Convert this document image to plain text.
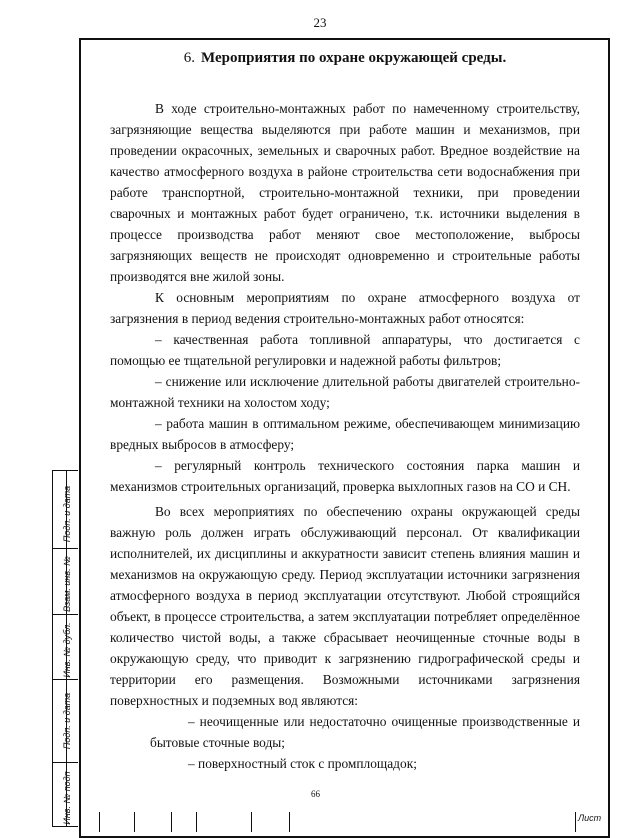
23
Подп. и дата
Взам. инв. №
Инв. № дубл.
Подп. и дата
Инв. № подп
6. Мероприятия по охране окружающей среды.

В ходе строительно-монтажных работ по намеченному строительству, загрязняющие вещества выделяются при работе машин и механизмов, при проведении окрасочных, земельных и сварочных работ. Вредное воздействие на качество атмосферного воздуха в районе строительства сети водоснабжения при работе транспортной, строительно-монтажной техники, при проведении сварочных и монтажных работ будет ограничено, т.к. источники выделения в процессе производства работ меняют свое местоположение, выбросы загрязняющих веществ не происходят одновременно и строительные работы производятся вне жилой зоны.

К основным мероприятиям по охране атмосферного воздуха от загрязнения в период ведения строительно-монтажных работ относятся:

– качественная работа топливной аппаратуры, что достигается с помощью ее тщательной регулировки и надежной работы фильтров;

– снижение или исключение длительной работы двигателей строительно-монтажной техники на холостом ходу;

– работа машин в оптимальном режиме, обеспечивающем минимизацию вредных выбросов в атмосферу;

– регулярный контроль технического состояния парка машин и механизмов строительных организаций, проверка выхлопных газов на СО и СН.

Во всех мероприятиях по обеспечению охраны окружающей среды важную роль должен играть обслуживающий персонал. От квалификации исполнителей, их дисциплины и аккуратности зависит степень влияния машин и механизмов на окружающую среду. Период эксплуатации источники загрязнения атмосферного воздуха в период эксплуатации отсутствуют. Любой строящийся объект, в процессе строительства, а затем эксплуатации потребляет определённое количество чистой воды, а также сбрасывает неочищенные сточные воды в окружающую среду, что приводит к загрязнению гидрографической среды и территории его размещения. Возможными источниками загрязнения поверхностных и подземных вод являются:

– неочищенные или недостаточно очищенные производственные и бытовые сточные воды;

– поверхностный сток с промплощадок;

66
Лист
